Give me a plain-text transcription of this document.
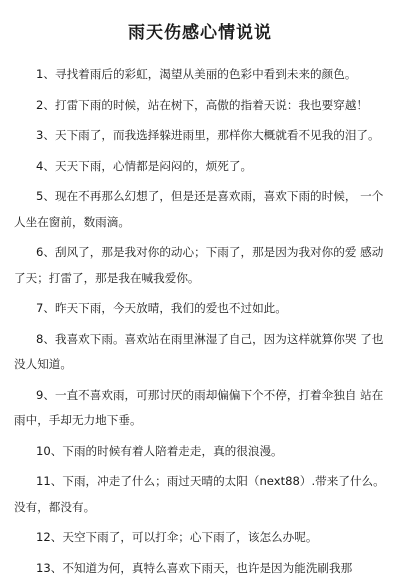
雨天伤感心情说说

1、寻找着雨后的彩虹，渴望从美丽的色彩中看到未来的颜色。

2、打雷下雨的时候，站在树下，高傲的指着天说：我也要穿越！

3、天下雨了，而我选择躲进雨里，那样你大概就看不见我的泪了。

4、天天下雨，心情都是闷闷的，烦死了。

5、现在不再那么幻想了，但是还是喜欢雨，喜欢下雨的时候， 一个人坐在窗前，数雨滴。

6、刮风了，那是我对你的动心；下雨了，那是因为我对你的爱 感动了天；打雷了，那是我在喊我爱你。

7、昨天下雨，今天放晴，我们的爱也不过如此。

8、我喜欢下雨。喜欢站在雨里淋湿了自己，因为这样就算你哭 了也没人知道。

9、一直不喜欢雨，可那讨厌的雨却偏偏下个不停，打着伞独自 站在雨中，手却无力地下垂。

10、下雨的时候有着人陪着走走，真的很浪漫。

11、下雨，冲走了什么；雨过天晴的太阳（next88）.带来了什么。没有，都没有。

12、天空下雨了，可以打伞；心下雨了，该怎么办呢。

13、不知道为何，真特么喜欢下雨天，也许是因为能洗刷我那
